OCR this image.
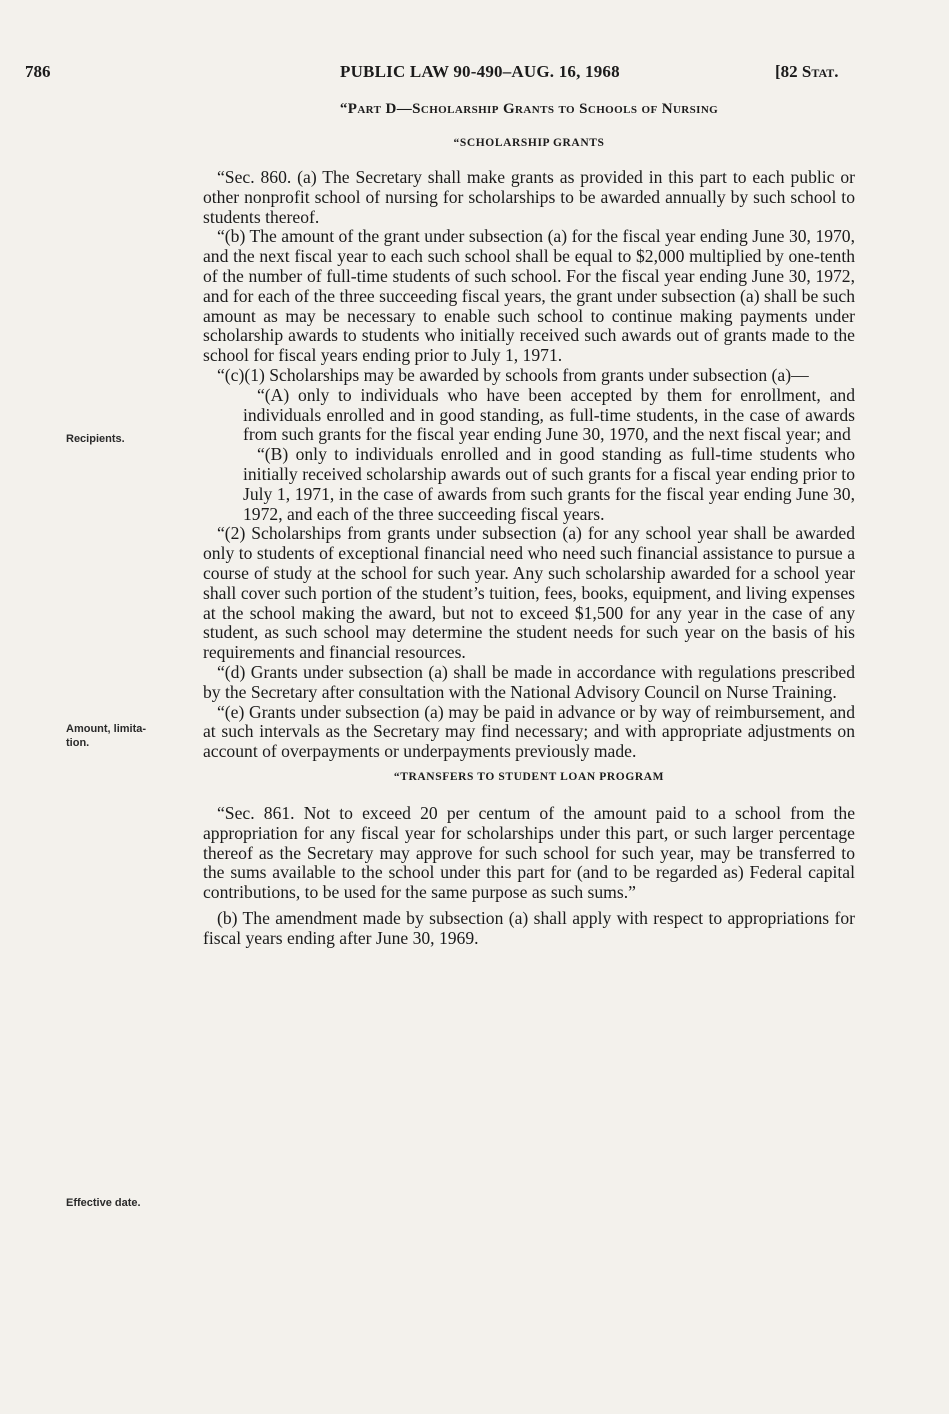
786	PUBLIC LAW 90-490–AUG. 16, 1968	[82 Stat.
Recipients.
Amount, limita-
tion.
Effective date.
“Part D—Scholarship Grants to Schools of Nursing
“SCHOLARSHIP GRANTS

“Sec. 860. (a) The Secretary shall make grants as provided in this part to each public or other nonprofit school of nursing for scholarships to be awarded annually by such school to students thereof.

“(b) The amount of the grant under subsection (a) for the fiscal year ending June 30, 1970, and the next fiscal year to each such school shall be equal to $2,000 multiplied by one-tenth of the number of full-time students of such school. For the fiscal year ending June 30, 1972, and for each of the three succeeding fiscal years, the grant under subsection (a) shall be such amount as may be necessary to enable such school to continue making payments under scholarship awards to students who initially received such awards out of grants made to the school for fiscal years ending prior to July 1, 1971.

“(c)(1) Scholarships may be awarded by schools from grants under subsection (a)—

“(A) only to individuals who have been accepted by them for enrollment, and individuals enrolled and in good standing, as full-time students, in the case of awards from such grants for the fiscal year ending June 30, 1970, and the next fiscal year; and

“(B) only to individuals enrolled and in good standing as full-time students who initially received scholarship awards out of such grants for a fiscal year ending prior to July 1, 1971, in the case of awards from such grants for the fiscal year ending June 30, 1972, and each of the three succeeding fiscal years.

“(2) Scholarships from grants under subsection (a) for any school year shall be awarded only to students of exceptional financial need who need such financial assistance to pursue a course of study at the school for such year. Any such scholarship awarded for a school year shall cover such portion of the student’s tuition, fees, books, equipment, and living expenses at the school making the award, but not to exceed $1,500 for any year in the case of any student, as such school may determine the student needs for such year on the basis of his requirements and financial resources.

“(d) Grants under subsection (a) shall be made in accordance with regulations prescribed by the Secretary after consultation with the National Advisory Council on Nurse Training.

“(e) Grants under subsection (a) may be paid in advance or by way of reimbursement, and at such intervals as the Secretary may find necessary; and with appropriate adjustments on account of overpayments or underpayments previously made.

“TRANSFERS TO STUDENT LOAN PROGRAM

“Sec. 861. Not to exceed 20 per centum of the amount paid to a school from the appropriation for any fiscal year for scholarships under this part, or such larger percentage thereof as the Secretary may approve for such school for such year, may be transferred to the sums available to the school under this part for (and to be regarded as) Federal capital contributions, to be used for the same purpose as such sums.”

(b) The amendment made by subsection (a) shall apply with respect to appropriations for fiscal years ending after June 30, 1969.
